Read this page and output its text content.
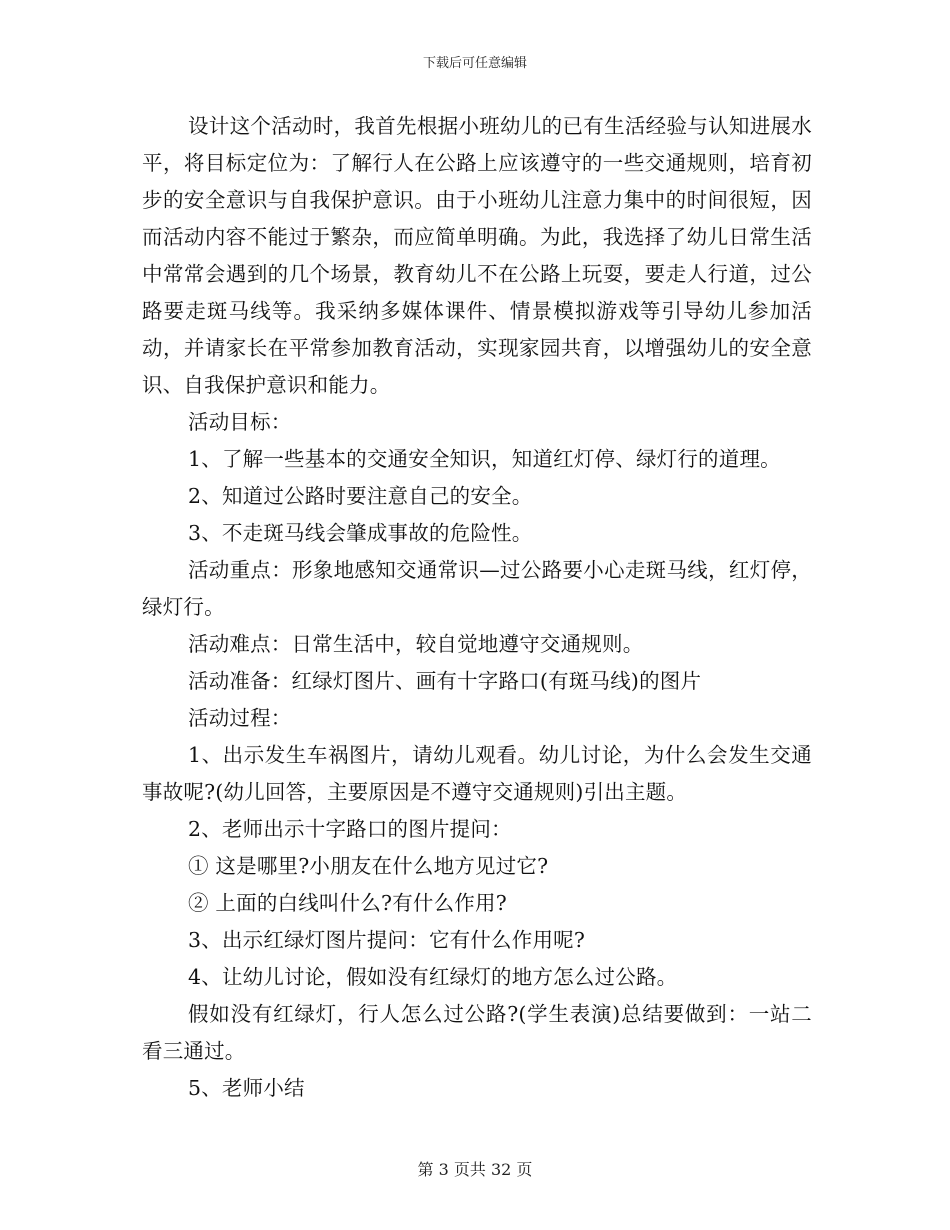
下载后可任意编辑

设计这个活动时，我首先根据小班幼儿的已有生活经验与认知进展水平，将目标定位为：了解行人在公路上应该遵守的一些交通规则，培育初步的安全意识与自我保护意识。由于小班幼儿注意力集中的时间很短，因而活动内容不能过于繁杂，而应简单明确。为此，我选择了幼儿日常生活中常常会遇到的几个场景，教育幼儿不在公路上玩耍，要走人行道，过公路要走斑马线等。我采纳多媒体课件、情景模拟游戏等引导幼儿参加活动，并请家长在平常参加教育活动，实现家园共育，以增强幼儿的安全意识、自我保护意识和能力。

活动目标：

1、了解一些基本的交通安全知识，知道红灯停、绿灯行的道理。

2、知道过公路时要注意自己的安全。

3、不走斑马线会肇成事故的危险性。

活动重点：形象地感知交通常识—过公路要小心走斑马线，红灯停，绿灯行。

活动难点：日常生活中，较自觉地遵守交通规则。

活动准备：红绿灯图片、画有十字路口(有斑马线)的图片

活动过程：

1、出示发生车祸图片，请幼儿观看。幼儿讨论，为什么会发生交通事故呢?(幼儿回答，主要原因是不遵守交通规则)引出主题。

2、老师出示十字路口的图片提问：

① 这是哪里?小朋友在什么地方见过它?

② 上面的白线叫什么?有什么作用?

3、出示红绿灯图片提问：它有什么作用呢?

4、让幼儿讨论，假如没有红绿灯的地方怎么过公路。

假如没有红绿灯，行人怎么过公路?(学生表演)总结要做到：一站二看三通过。

5、老师小结

第 3 页共 32 页
